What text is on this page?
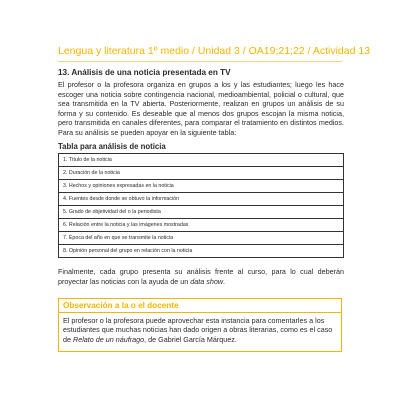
Lengua y literatura 1º medio / Unidad 3 / OA19;21;22 / Actividad 13
13. Análisis de una noticia presentada en TV

El profesor o la profesora organiza en grupos a los y las estudiantes; luego les hace escoger una noticia sobre contingencia nacional, medioambiental, policial o cultural, que sea transmitida en la TV abierta. Posteriormente, realizan en grupos un análisis de su forma y su contenido. Es deseable que al menos dos grupos escojan la misma noticia, pero transmitida en canales diferentes, para comparar el tratamiento en distintos medios. Para su análisis se pueden apoyar en la siguiente tabla:

Tabla para análisis de noticia
1. Título de la noticia
2. Duración de la noticia
3. Hechos y opiniones expresadas en la noticia
4. Fuentes desde donde se obtuvo la información
5. Grado de objetividad del o la periodista
6. Relación entre la noticia y las imágenes mostradas
7. Época del año en que se transmite la noticia
8. Opinión personal del grupo en relación con la noticia

Finalmente, cada grupo presenta su análisis frente al curso, para lo cual deberán proyectar las noticias con la ayuda de un data show.

Observación a la o el docente

El profesor o la profesora puede aprovechar esta instancia para comentarles a los estudiantes que muchas noticias han dado origen a obras literarias, como es el caso de Relato de un náufrago, de Gabriel García Márquez.
